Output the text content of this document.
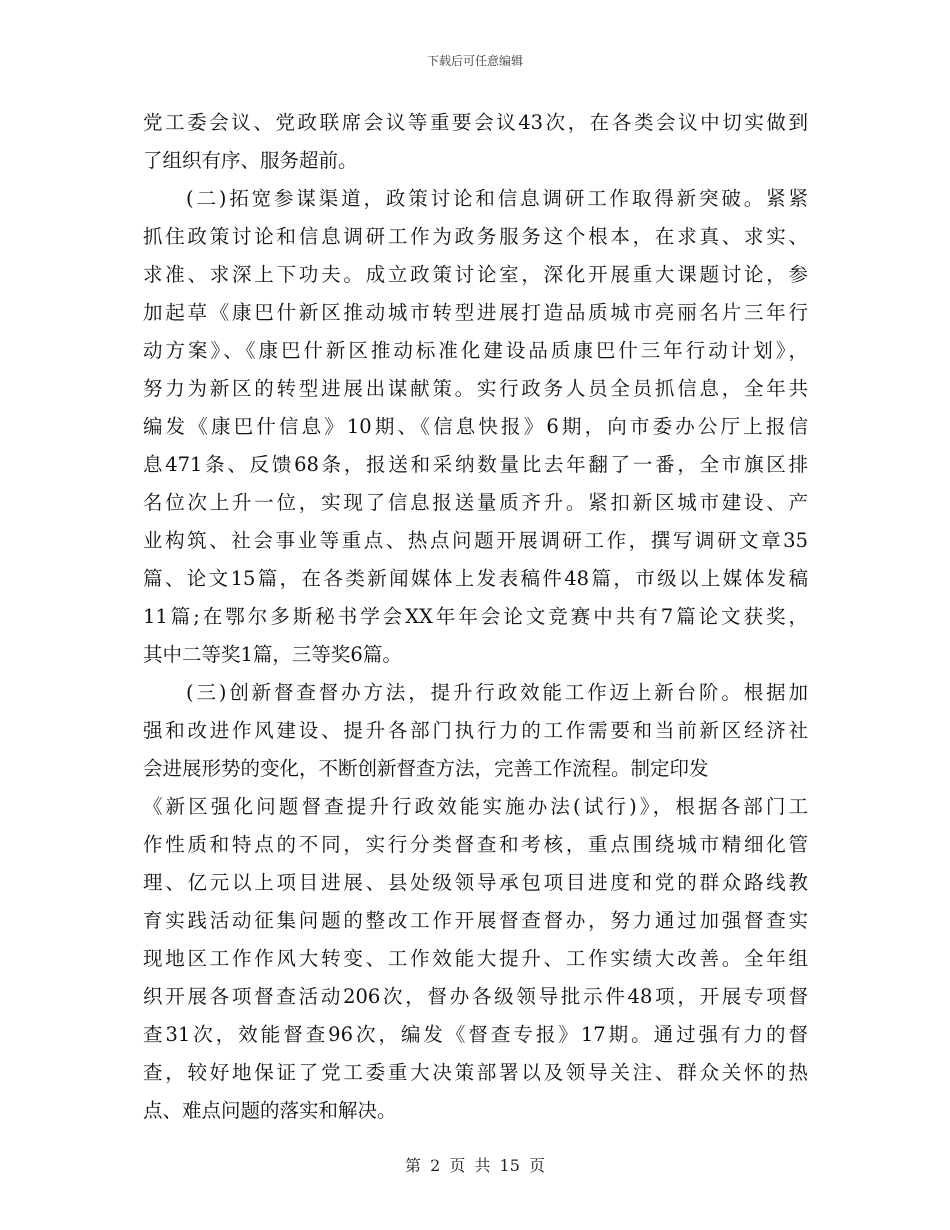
下载后可任意编辑
党工委会议、党政联席会议等重要会议43次，在各类会议中切实做到
了组织有序、服务超前。
(二)拓宽参谋渠道，政策讨论和信息调研工作取得新突破。紧紧
抓住政策讨论和信息调研工作为政务服务这个根本，在求真、求实、
求准、求深上下功夫。成立政策讨论室，深化开展重大课题讨论，参
加起草《康巴什新区推动城市转型进展打造品质城市亮丽名片三年行
动方案》、《康巴什新区推动标准化建设品质康巴什三年行动计划》，
努力为新区的转型进展出谋献策。实行政务人员全员抓信息，全年共
编发《康巴什信息》10期、《信息快报》6期，向市委办公厅上报信
息471条、反馈68条，报送和采纳数量比去年翻了一番，全市旗区排
名位次上升一位，实现了信息报送量质齐升。紧扣新区城市建设、产
业构筑、社会事业等重点、热点问题开展调研工作，撰写调研文章35
篇、论文15篇，在各类新闻媒体上发表稿件48篇，市级以上媒体发稿
11篇;在鄂尔多斯秘书学会XX年年会论文竞赛中共有7篇论文获奖，
其中二等奖1篇，三等奖6篇。
(三)创新督查督办方法，提升行政效能工作迈上新台阶。根据加
强和改进作风建设、提升各部门执行力的工作需要和当前新区经济社
会进展形势的变化，不断创新督查方法，完善工作流程。制定印发
《新区强化问题督查提升行政效能实施办法(试行)》，根据各部门工
作性质和特点的不同，实行分类督查和考核，重点围绕城市精细化管
理、亿元以上项目进展、县处级领导承包项目进度和党的群众路线教
育实践活动征集问题的整改工作开展督查督办，努力通过加强督查实
现地区工作作风大转变、工作效能大提升、工作实绩大改善。全年组
织开展各项督查活动206次，督办各级领导批示件48项，开展专项督
查31次，效能督查96次，编发《督查专报》17期。通过强有力的督
查，较好地保证了党工委重大决策部署以及领导关注、群众关怀的热
点、难点问题的落实和解决。
第 2 页 共 15 页
